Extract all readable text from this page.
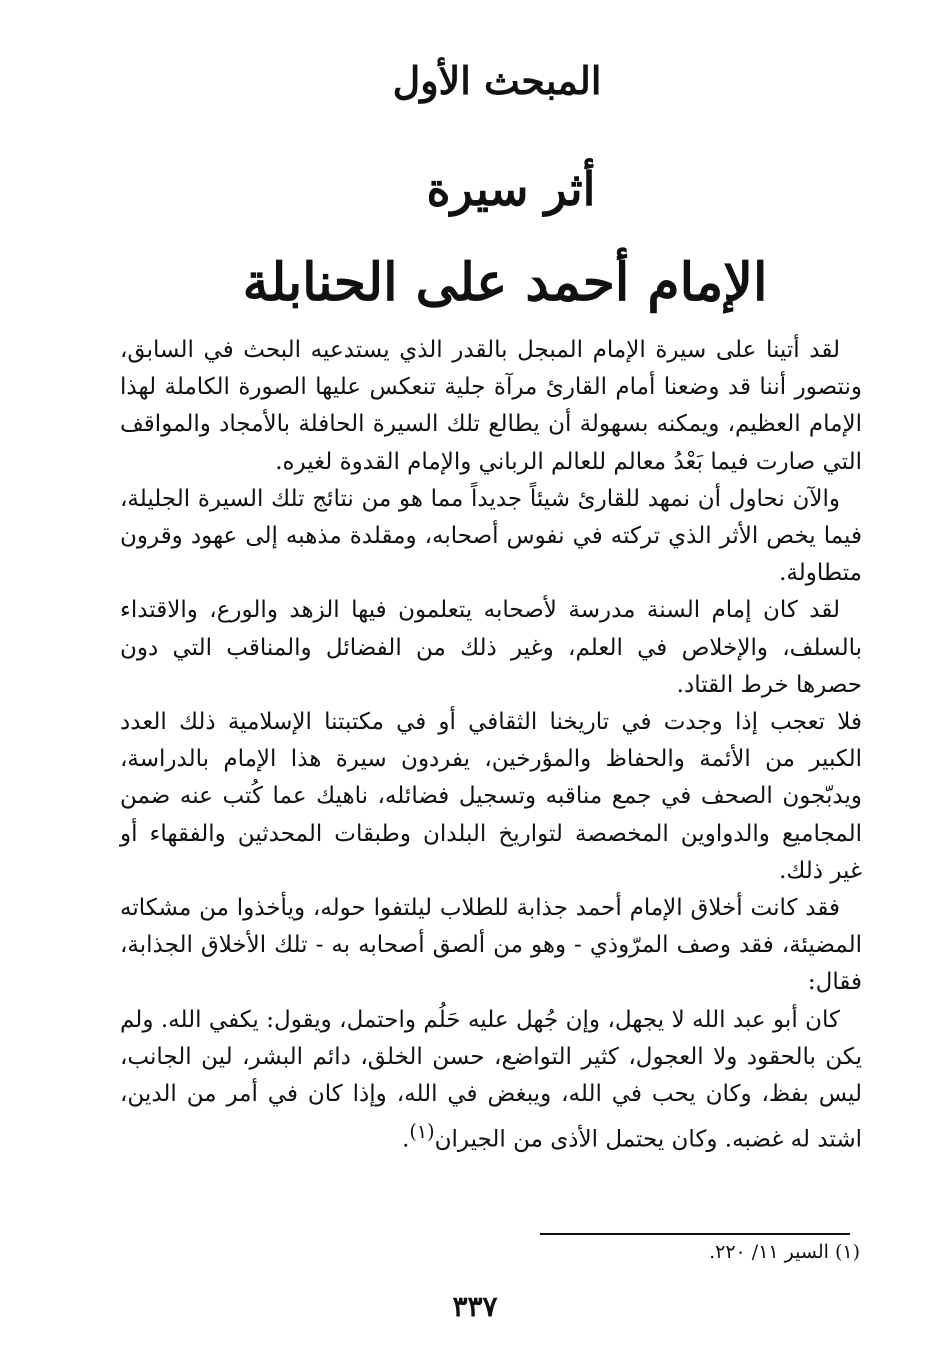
المبحث الأول
أثر سيرة
الإمام أحمد على الحنابلة

لقد أتينا على سيرة الإمام المبجل بالقدر الذي يستدعيه البحث في السابق، ونتصور أننا قد وضعنا أمام القارئ مرآة جلية تنعكس عليها الصورة الكاملة لهذا الإمام العظيم، ويمكنه بسهولة أن يطالع تلك السيرة الحافلة بالأمجاد والمواقف التي صارت فيما بَعْدُ معالم للعالم الرباني والإمام القدوة لغيره.

والآن نحاول أن نمهد للقارئ شيئاً جديداً مما هو من نتائج تلك السيرة الجليلة، فيما يخص الأثر الذي تركته في نفوس أصحابه، ومقلدة مذهبه إلى عهود وقرون متطاولة.

لقد كان إمام السنة مدرسة لأصحابه يتعلمون فيها الزهد والورع، والاقتداء بالسلف، والإخلاص في العلم، وغير ذلك من الفضائل والمناقب التي دون حصرها خرط القتاد.

فلا تعجب إذا وجدت في تاريخنا الثقافي أو في مكتبتنا الإسلامية ذلك العدد الكبير من الأئمة والحفاظ والمؤرخين، يفردون سيرة هذا الإمام بالدراسة، ويدبّجون الصحف في جمع مناقبه وتسجيل فضائله، ناهيك عما كُتب عنه ضمن المجاميع والدواوين المخصصة لتواريخ البلدان وطبقات المحدثين والفقهاء أو غير ذلك.

فقد كانت أخلاق الإمام أحمد جذابة للطلاب ليلتفوا حوله، ويأخذوا من مشكاته المضيئة، فقد وصف المرّوذي - وهو من ألصق أصحابه به - تلك الأخلاق الجذابة، فقال:

كان أبو عبد الله لا يجهل، وإن جُهل عليه حَلُم واحتمل، ويقول: يكفي الله. ولم يكن بالحقود ولا العجول، كثير التواضع، حسن الخلق، دائم البشر، لين الجانب، ليس بفظ، وكان يحب في الله، ويبغض في الله، وإذا كان في أمر من الدين، اشتد له غضبه. وكان يحتمل الأذى من الجيران$^{(١)}$.

(١) السير ١١/ ٢٢٠.
٣٣٧
